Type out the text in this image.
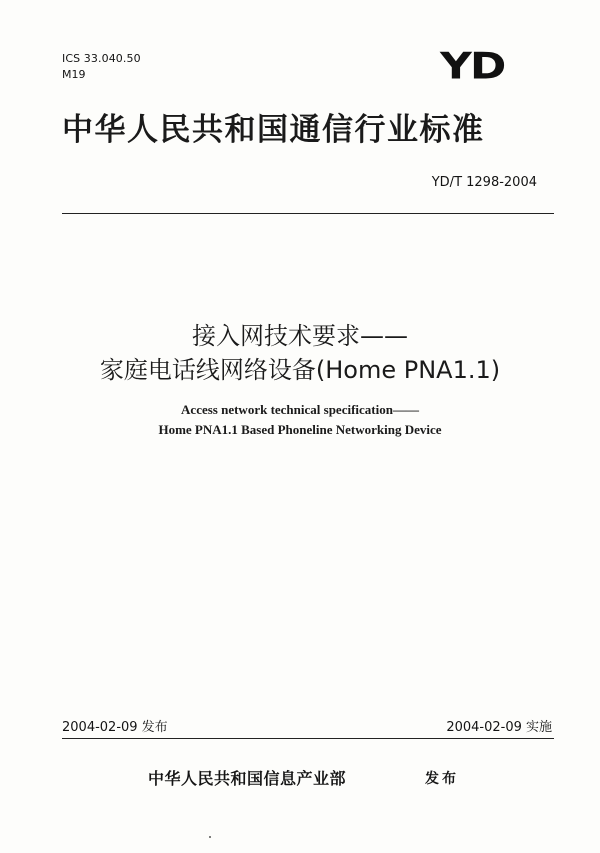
ICS 33.040.50
M19	YD
中华人民共和国通信行业标准
YD/T 1298-2004
接入网技术要求——
家庭电话线网络设备(Home PNA1.1)
Access network technical specification——
Home PNA1.1 Based Phoneline Networking Device
2004-02-09 发布	2004-02-09 实施
中华人民共和国信息产业部	发布
